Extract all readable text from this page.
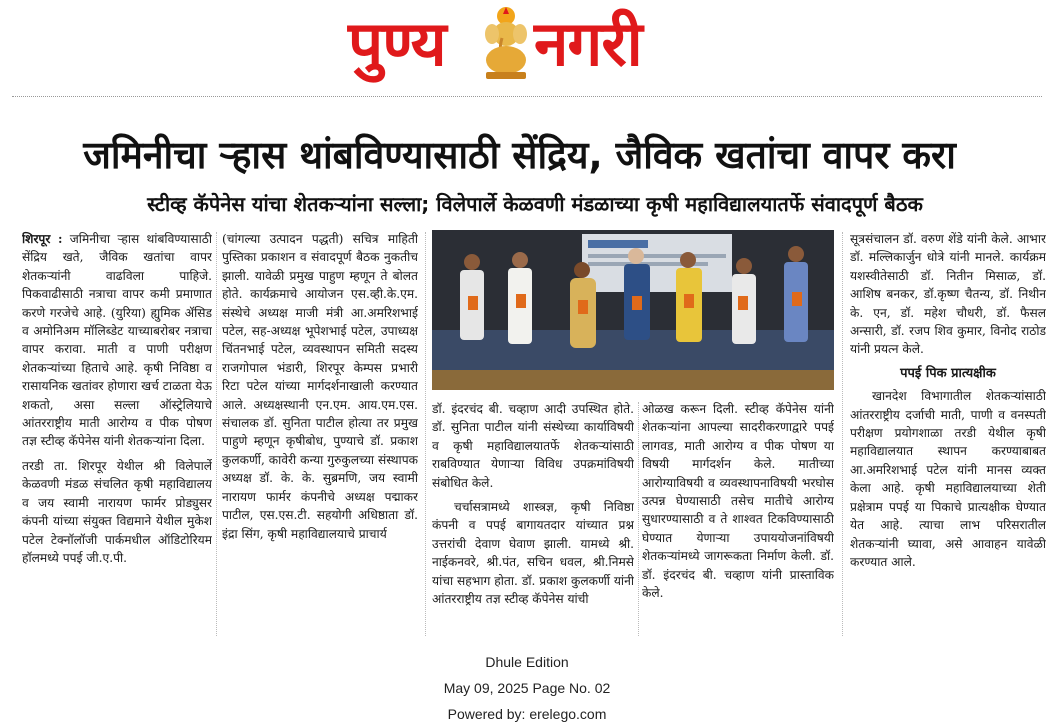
पुण्य नगरी
जमिनीचा ऱ्हास थांबविण्यासाठी सेंद्रिय, जैविक खतांचा वापर करा
स्टीव्ह कॅपेनेस यांचा शेतकऱ्यांना सल्ला; विलेपार्ले केळवणी मंडळाच्या कृषी महाविद्यालयातर्फे संवादपूर्ण बैठक

शिरपूर : जमिनीचा ऱ्हास थांबविण्यासाठी सेंद्रिय खते, जैविक खतांचा वापर शेतकऱ्यांनी वाढविला पाहिजे. पिकवाढीसाठी नत्राचा वापर कमी प्रमाणात करणे गरजेचे आहे. (युरिया) ह्युमिक ॲसिड व अमोनिअम मॉलिब्डेट याच्याबरोबर नत्राचा वापर करावा. माती व पाणी परीक्षण शेतकऱ्यांच्या हिताचे आहे. कृषी निविष्ठा व रासायनिक खतांवर होणारा खर्च टाळता येऊ शकतो, असा सल्ला ऑस्ट्रेलियाचे आंतरराष्ट्रीय माती आरोग्य व पीक पोषण तज्ञ स्टीव्ह कॅपेनेस यांनी शेतकऱ्यांना दिला.

तरडी ता. शिरपूर येथील श्री विलेपार्ले केळवणी मंडळ संचलित कृषी महाविद्यालय व जय स्वामी नारायण फार्मर प्रोड्युसर कंपनी यांच्या संयुक्त विद्यमाने येथील मुकेश पटेल टेक्नॉलॉजी पार्कमधील ऑडिटोरियम हॉलमध्ये पपई जी.ए.पी.

(चांगल्या उत्पादन पद्धती) सचित्र माहिती पुस्तिका प्रकाशन व संवादपूर्ण बैठक नुकतीच झाली. यावेळी प्रमुख पाहुण म्हणून ते बोलत होते. कार्यक्रमाचे आयोजन एस.व्ही.के.एम. संस्थेचे अध्यक्ष माजी मंत्री आ.अमरिशभाई पटेल, सह-अध्यक्ष भूपेशभाई पटेल, उपाध्यक्ष चिंतनभाई पटेल, व्यवस्थापन समिती सदस्य राजगोपाल भंडारी, शिरपूर केम्पस प्रभारी रिटा पटेल यांच्या मार्गदर्शनाखाली करण्यात आले. अध्यक्षस्थानी एन.एम. आय.एम.एस. संचालक डॉ. सुनिता पाटील होत्या तर प्रमुख पाहुणे म्हणून कृषीबोध, पुण्याचे डॉ. प्रकाश कुलकर्णी, कावेरी कन्या गुरुकुलच्या संस्थापक अध्यक्ष डॉ. के. के. सुब्रमणि, जय स्वामी नारायण फार्मर कंपनीचे अध्यक्ष पद्माकर पाटील, एस.एस.टी. सहयोगी अधिष्ठाता डॉ. इंद्रा सिंग, कृषी महाविद्यालयाचे प्राचार्य

डॉ. इंदरचंद बी. चव्हाण आदी उपस्थित होते. डॉ. सुनिता पाटील यांनी संस्थेच्या कार्याविषयी व कृषी महाविद्यालयातर्फे शेतकऱ्यांसाठी राबविण्यात येणाऱ्या विविध उपक्रमांविषयी संबोधित केले.

चर्चासत्रामध्ये शास्त्रज्ञ, कृषी निविष्ठा कंपनी व पपई बागायतदार यांच्यात प्रश्न उत्तरांची देवाण घेवाण झाली. यामध्ये श्री. नाईकनवरे, श्री.पंत, सचिन धवल, श्री.निमसे यांचा सहभाग होता. डॉ. प्रकाश कुलकर्णी यांनी आंतरराष्ट्रीय तज्ञ स्टीव्ह कॅपेनेस यांची

ओळख करून दिली. स्टीव्ह कॅपेनेस यांनी शेतकऱ्यांना आपल्या सादरीकरणाद्वारे पपई लागवड, माती आरोग्य व पीक पोषण या विषयी मार्गदर्शन केले. मातीच्या आरोग्याविषयी व व्यवस्थापनाविषयी भरघोस उत्पन्न घेण्यासाठी तसेच मातीचे आरोग्य सुधारण्यासाठी व ते शाश्वत टिकविण्यासाठी घेण्यात येणाऱ्या उपाययोजनांविषयी शेतकऱ्यांमध्ये जागरूकता निर्माण केली. डॉ. डॉ. इंदरचंद बी. चव्हाण यांनी प्रास्ताविक केले.

सूत्रसंचालन डॉ. वरुण शेंडे यांनी केले. आभार डॉ. मल्लिकार्जुन धोत्रे यांनी मानले. कार्यक्रम यशस्वीतेसाठी डॉ. नितीन मिसाळ, डॉ. आशिष बनकर, डॉ.कृष्ण चैतन्य, डॉ. निथीन के. एन, डॉ. महेश चौधरी, डॉ. फैसल अन्सारी, डॉ. रजप शिव कुमार, विनोद राठोड यांनी प्रयत्न केले.

पपई पिक प्रात्यक्षीक

खानदेश विभागातील शेतकऱ्यांसाठी आंतरराष्ट्रीय दर्जाची माती, पाणी व वनस्पती परीक्षण प्रयोगशाळा तरडी येथील कृषी महाविद्यालयात स्थापन करण्याबाबत आ.अमरिशभाई पटेल यांनी मानस व्यक्त केला आहे. कृषी महाविद्यालयाच्या शेती प्रक्षेत्राम पपई या पिकाचे प्रात्यक्षीक घेण्यात येत आहे. त्याचा लाभ परिसरातील शेतकऱ्यांनी घ्यावा, असे आवाहन यावेळी करण्यात आले.

Dhule Edition
May 09, 2025 Page No. 02
Powered by: erelego.com
